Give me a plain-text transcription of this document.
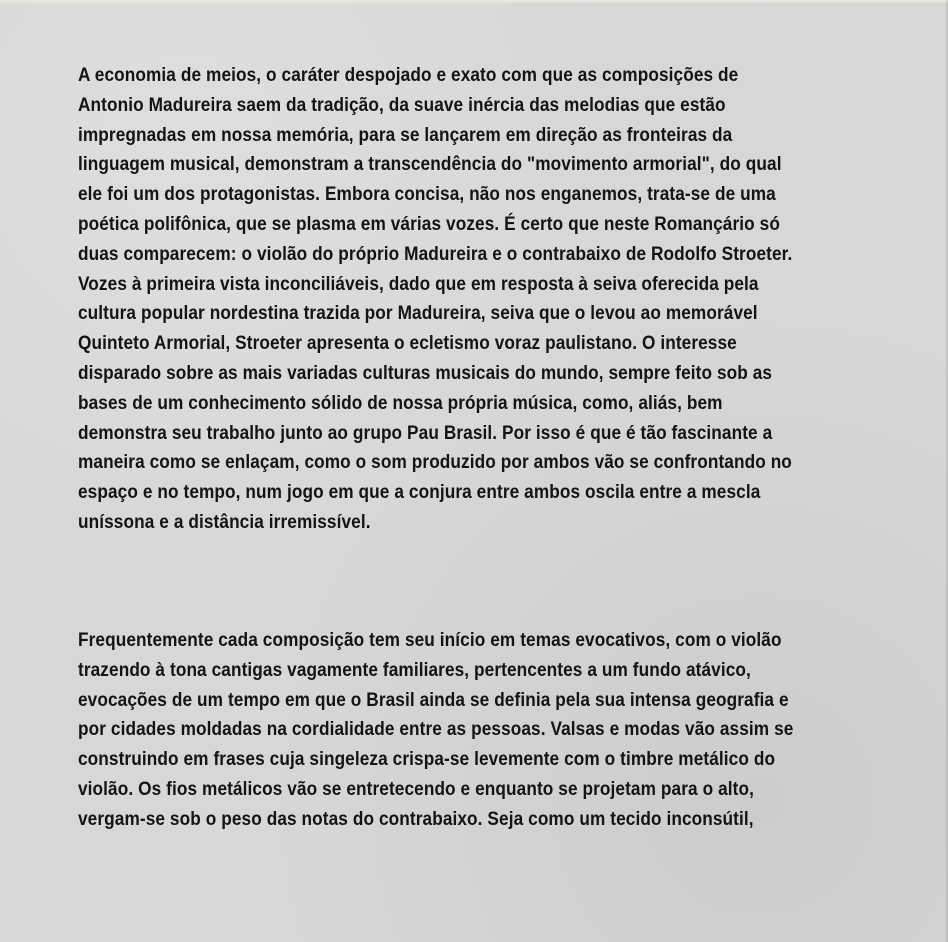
A economia de meios, o caráter despojado e exato com que as composições de
Antonio Madureira saem da tradição, da suave inércia das melodias que estão
impregnadas em nossa memória, para se lançarem em direção as fronteiras da
linguagem musical, demonstram a transcendência do "movimento armorial", do qual
ele foi um dos protagonistas. Embora concisa, não nos enganemos, trata-se de uma
poética polifônica, que se plasma em várias vozes. É certo que neste Romançário só
duas comparecem: o violão do próprio Madureira e o contrabaixo de Rodolfo Stroeter.
Vozes à primeira vista inconciliáveis, dado que em resposta à seiva oferecida pela
cultura popular nordestina trazida por Madureira, seiva que o levou ao memorável
Quinteto Armorial, Stroeter apresenta o ecletismo voraz paulistano. O interesse
disparado sobre as mais variadas culturas musicais do mundo, sempre feito sob as
bases de um conhecimento sólido de nossa própria música, como, aliás, bem
demonstra seu trabalho junto ao grupo Pau Brasil. Por isso é que é tão fascinante a
maneira como se enlaçam, como o som produzido por ambos vão se confrontando no
espaço e no tempo, num jogo em que a conjura entre ambos oscila entre a mescla
uníssona e a distância irremissível.

Frequentemente cada composição tem seu início em temas evocativos, com o violão
trazendo à tona cantigas vagamente familiares, pertencentes a um fundo atávico,
evocações de um tempo em que o Brasil ainda se definia pela sua intensa geografia e
por cidades moldadas na cordialidade entre as pessoas. Valsas e modas vão assim se
construindo em frases cuja singeleza crispa-se levemente com o timbre metálico do
violão. Os fios metálicos vão se entretecendo e enquanto se projetam para o alto,
vergam-se sob o peso das notas do contrabaixo. Seja como um tecido inconsútil,
